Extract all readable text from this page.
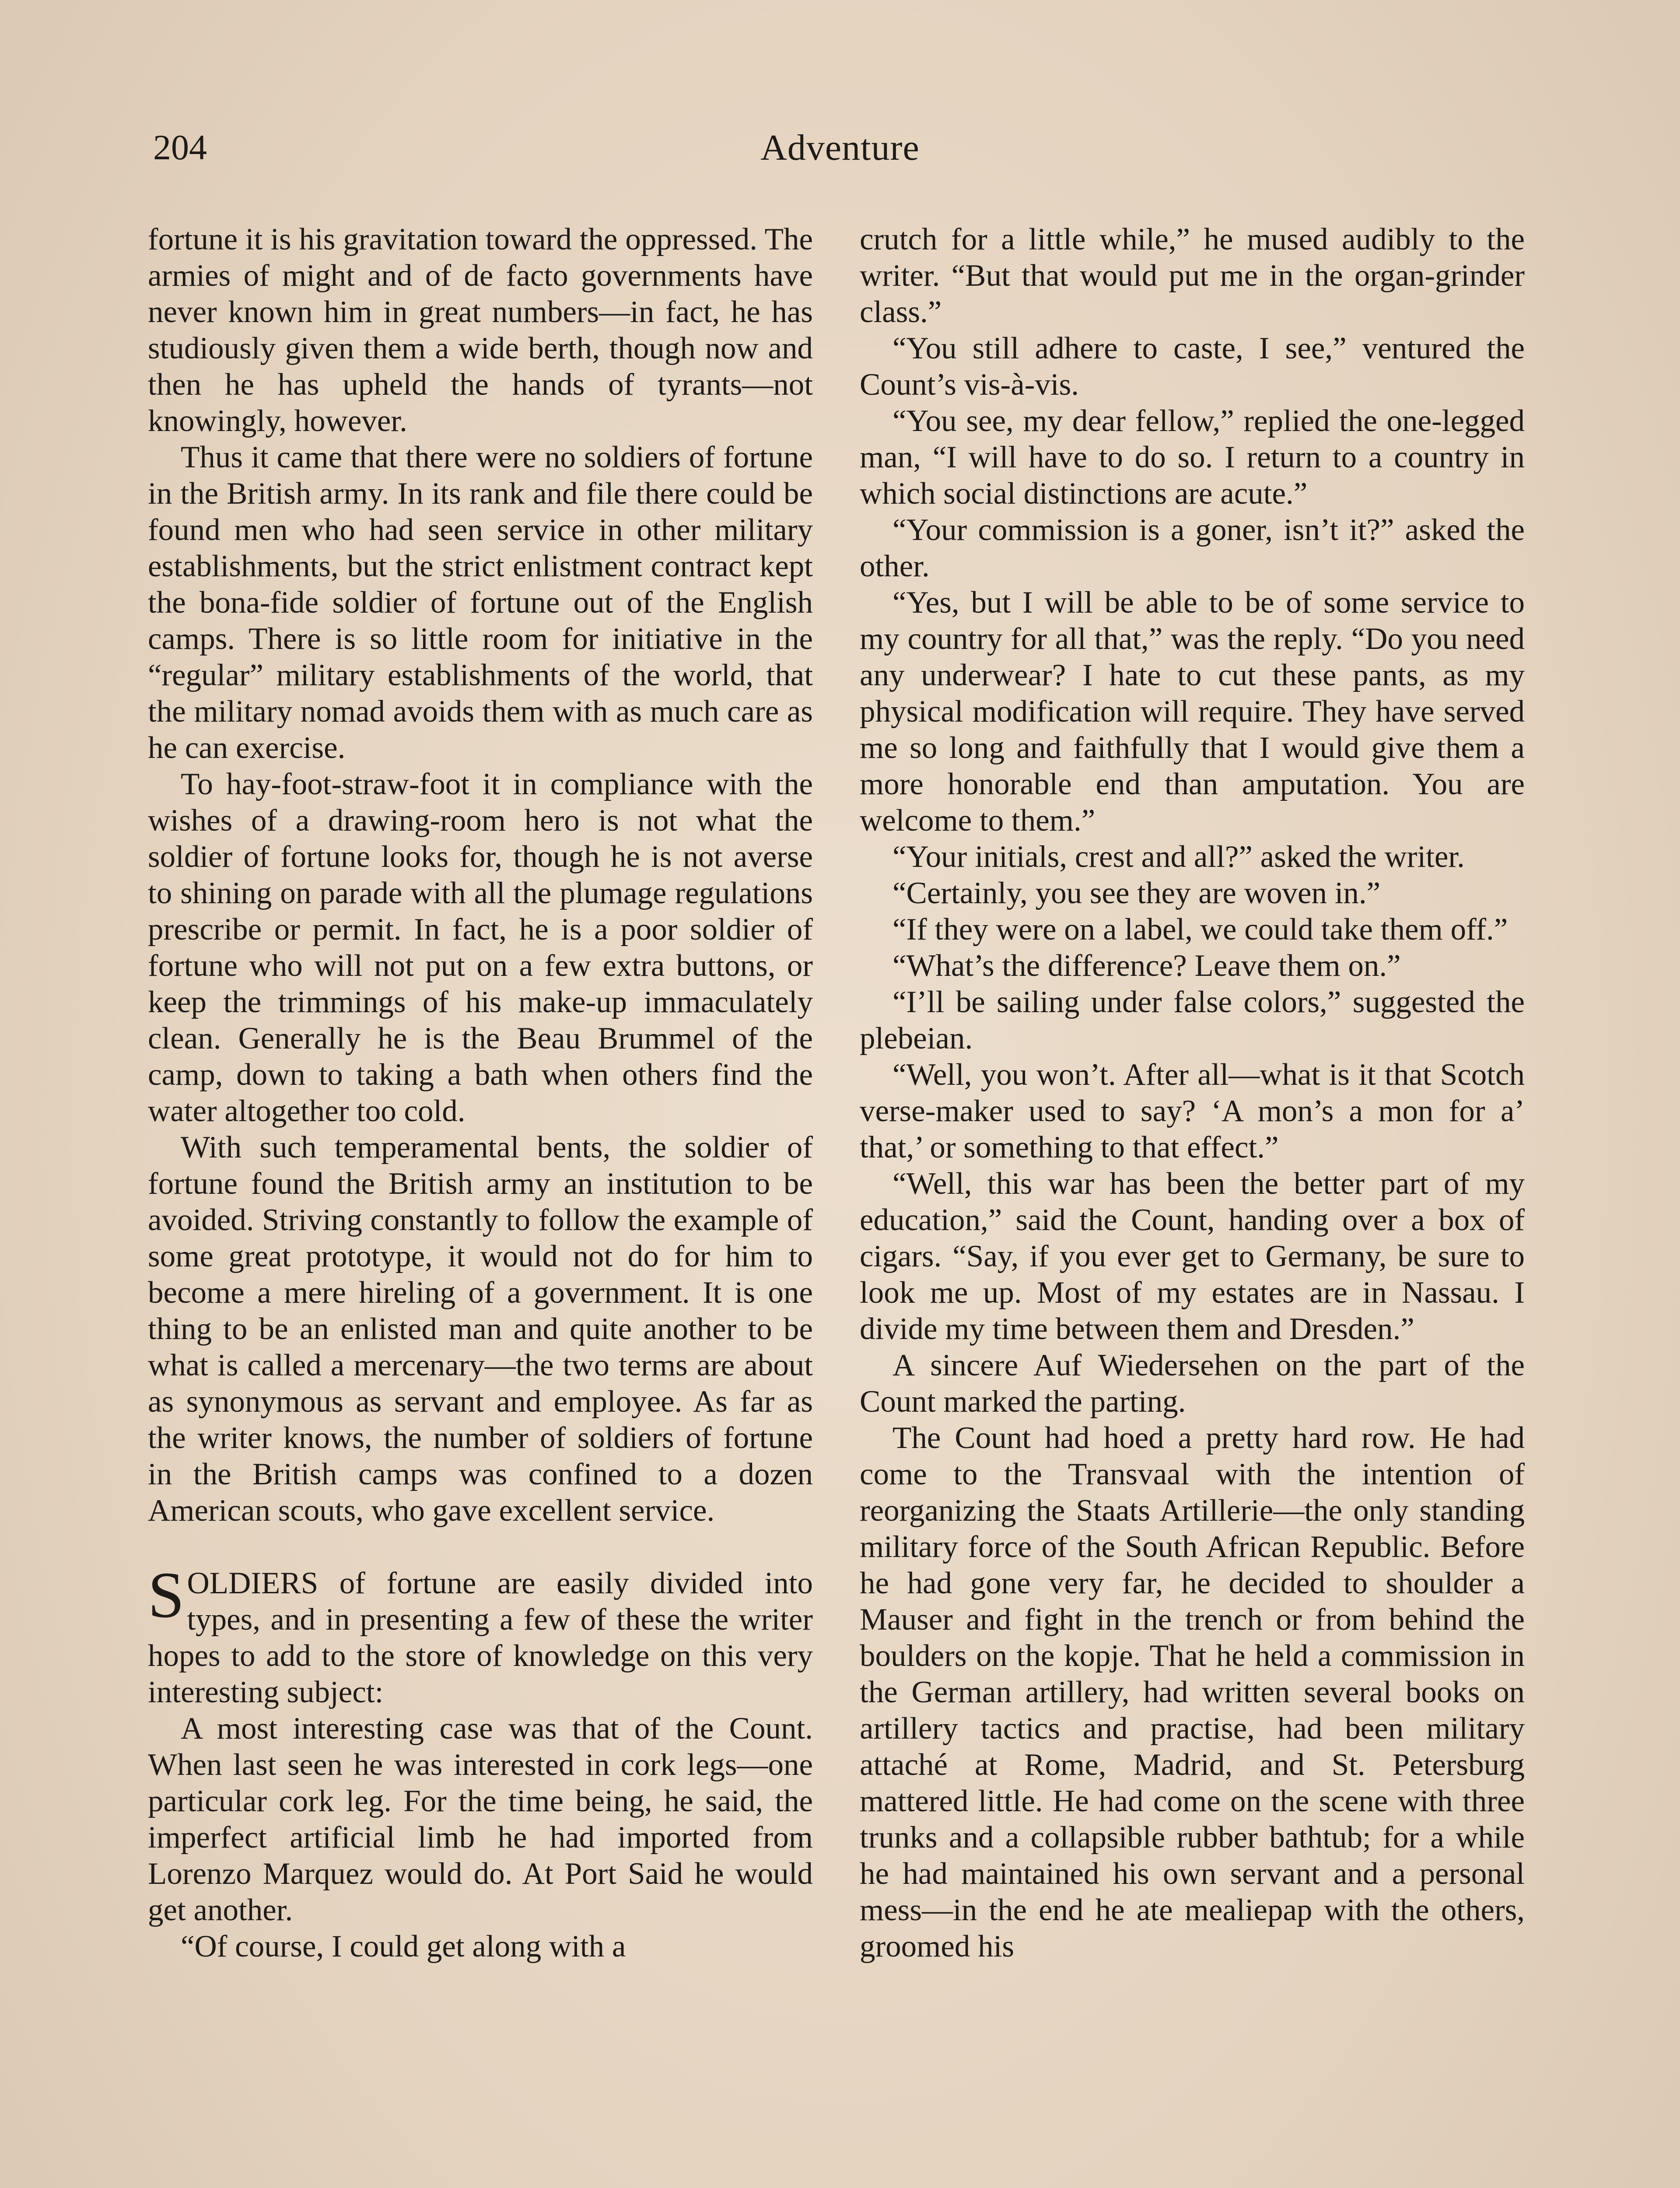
204	Adventure

fortune it is his gravitation toward the oppressed. The armies of might and of de facto governments have never known him in great numbers—in fact, he has studiously given them a wide berth, though now and then he has upheld the hands of tyrants—not knowingly, however.

Thus it came that there were no soldiers of fortune in the British army. In its rank and file there could be found men who had seen service in other military establishments, but the strict enlistment contract kept the bona-fide soldier of fortune out of the English camps. There is so little room for initiative in the “regular” military establishments of the world, that the military nomad avoids them with as much care as he can exercise.

To hay-foot-straw-foot it in compliance with the wishes of a drawing-room hero is not what the soldier of fortune looks for, though he is not averse to shining on parade with all the plumage regulations prescribe or permit. In fact, he is a poor soldier of fortune who will not put on a few extra buttons, or keep the trimmings of his make-up immaculately clean. Generally he is the Beau Brummel of the camp, down to taking a bath when others find the water altogether too cold.

With such temperamental bents, the soldier of fortune found the British army an institution to be avoided. Striving constantly to follow the example of some great prototype, it would not do for him to become a mere hireling of a government. It is one thing to be an enlisted man and quite another to be what is called a mercenary—the two terms are about as synonymous as servant and employee. As far as the writer knows, the number of soldiers of fortune in the British camps was confined to a dozen American scouts, who gave excellent service.

SOLDIERS of fortune are easily divided into types, and in presenting a few of these the writer hopes to add to the store of knowledge on this very interesting subject:

A most interesting case was that of the Count. When last seen he was interested in cork legs—one particular cork leg. For the time being, he said, the imperfect artificial limb he had imported from Lorenzo Marquez would do. At Port Said he would get another.

“Of course, I could get along with a

crutch for a little while,” he mused audibly to the writer. “But that would put me in the organ-grinder class.”

“You still adhere to caste, I see,” ventured the Count’s vis-à-vis.

“You see, my dear fellow,” replied the one-legged man, “I will have to do so. I return to a country in which social distinctions are acute.”

“Your commission is a goner, isn’t it?” asked the other.

“Yes, but I will be able to be of some service to my country for all that,” was the reply. “Do you need any underwear? I hate to cut these pants, as my physical modification will require. They have served me so long and faithfully that I would give them a more honorable end than amputation. You are welcome to them.”

“Your initials, crest and all?” asked the writer.

“Certainly, you see they are woven in.”

“If they were on a label, we could take them off.”

“What’s the difference? Leave them on.”

“I’ll be sailing under false colors,” suggested the plebeian.

“Well, you won’t. After all—what is it that Scotch verse-maker used to say? ‘A mon’s a mon for a’ that,’ or something to that effect.”

“Well, this war has been the better part of my education,” said the Count, handing over a box of cigars. “Say, if you ever get to Germany, be sure to look me up. Most of my estates are in Nassau. I divide my time between them and Dresden.”

A sincere Auf Wiedersehen on the part of the Count marked the parting.

The Count had hoed a pretty hard row. He had come to the Transvaal with the intention of reorganizing the Staats Artillerie—the only standing military force of the South African Republic. Before he had gone very far, he decided to shoulder a Mauser and fight in the trench or from behind the boulders on the kopje. That he held a commission in the German artillery, had written several books on artillery tactics and practise, had been military attaché at Rome, Madrid, and St. Petersburg mattered little. He had come on the scene with three trunks and a collapsible rubber bathtub; for a while he had maintained his own servant and a personal mess—in the end he ate mealiepap with the others, groomed his
